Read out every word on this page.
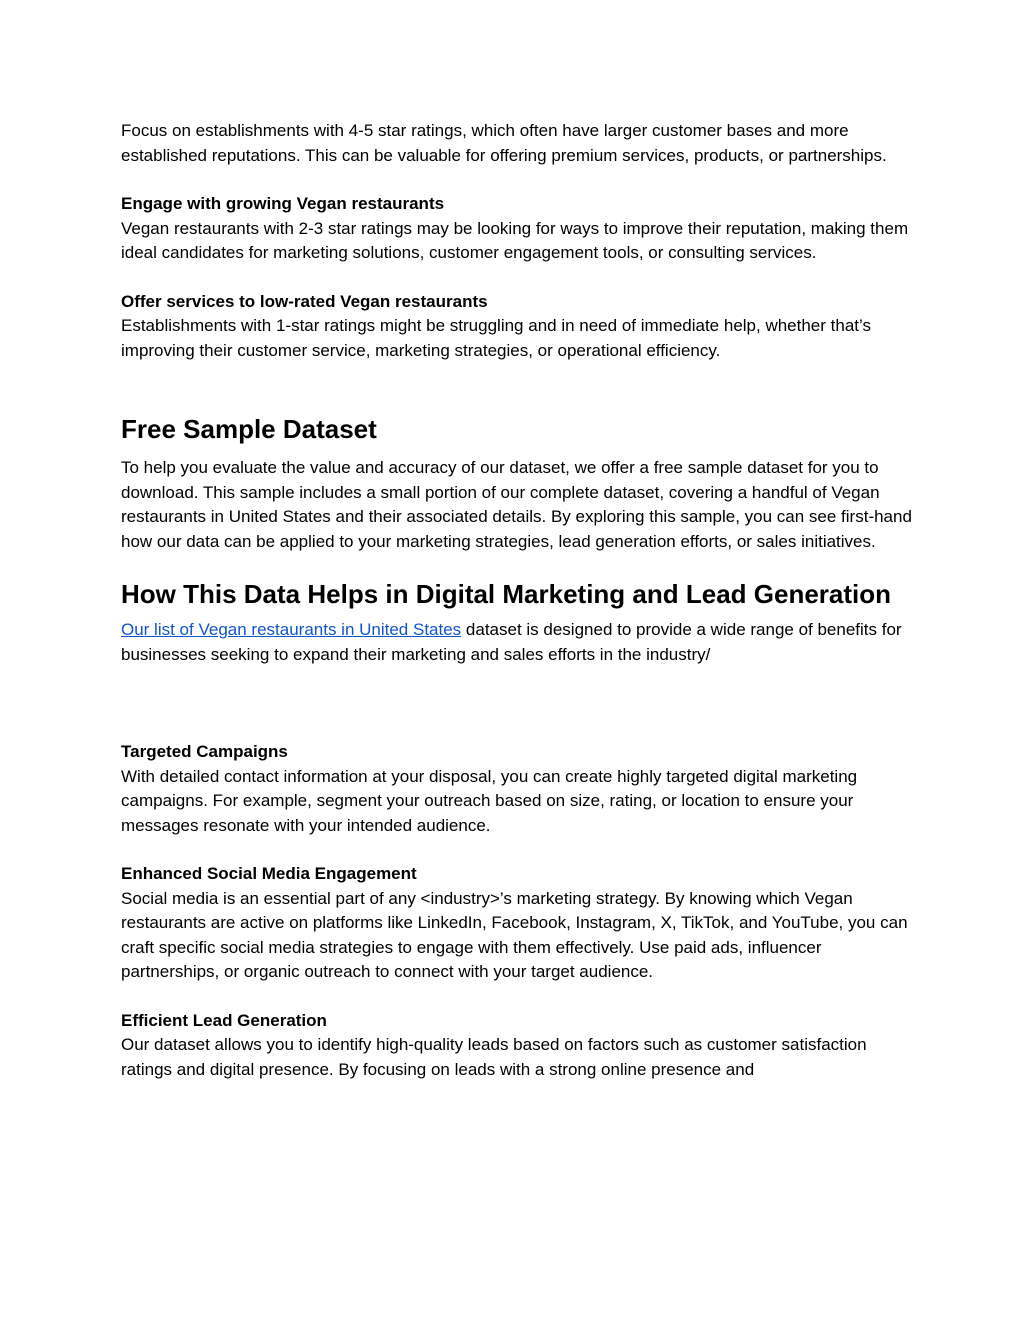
Focus on establishments with 4-5 star ratings, which often have larger customer bases and more established reputations. This can be valuable for offering premium services, products, or partnerships.

Engage with growing Vegan restaurants

Vegan restaurants with 2-3 star ratings may be looking for ways to improve their reputation, making them ideal candidates for marketing solutions, customer engagement tools, or consulting services.

Offer services to low-rated Vegan restaurants

Establishments with 1-star ratings might be struggling and in need of immediate help, whether that’s improving their customer service, marketing strategies, or operational efficiency.

Free Sample Dataset

To help you evaluate the value and accuracy of our dataset, we offer a free sample dataset for you to download. This sample includes a small portion of our complete dataset, covering a handful of Vegan restaurants in United States and their associated details. By exploring this sample, you can see first-hand how our data can be applied to your marketing strategies, lead generation efforts, or sales initiatives.

How This Data Helps in Digital Marketing and Lead Generation

Our list of Vegan restaurants in United States dataset is designed to provide a wide range of benefits for businesses seeking to expand their marketing and sales efforts in the industry/

Targeted Campaigns

With detailed contact information at your disposal, you can create highly targeted digital marketing campaigns. For example, segment your outreach based on size, rating, or location to ensure your messages resonate with your intended audience.

Enhanced Social Media Engagement

Social media is an essential part of any <industry>’s marketing strategy. By knowing which Vegan restaurants are active on platforms like LinkedIn, Facebook, Instagram, X, TikTok, and YouTube, you can craft specific social media strategies to engage with them effectively. Use paid ads, influencer partnerships, or organic outreach to connect with your target audience.

Efficient Lead Generation

Our dataset allows you to identify high-quality leads based on factors such as customer satisfaction ratings and digital presence. By focusing on leads with a strong online presence and
